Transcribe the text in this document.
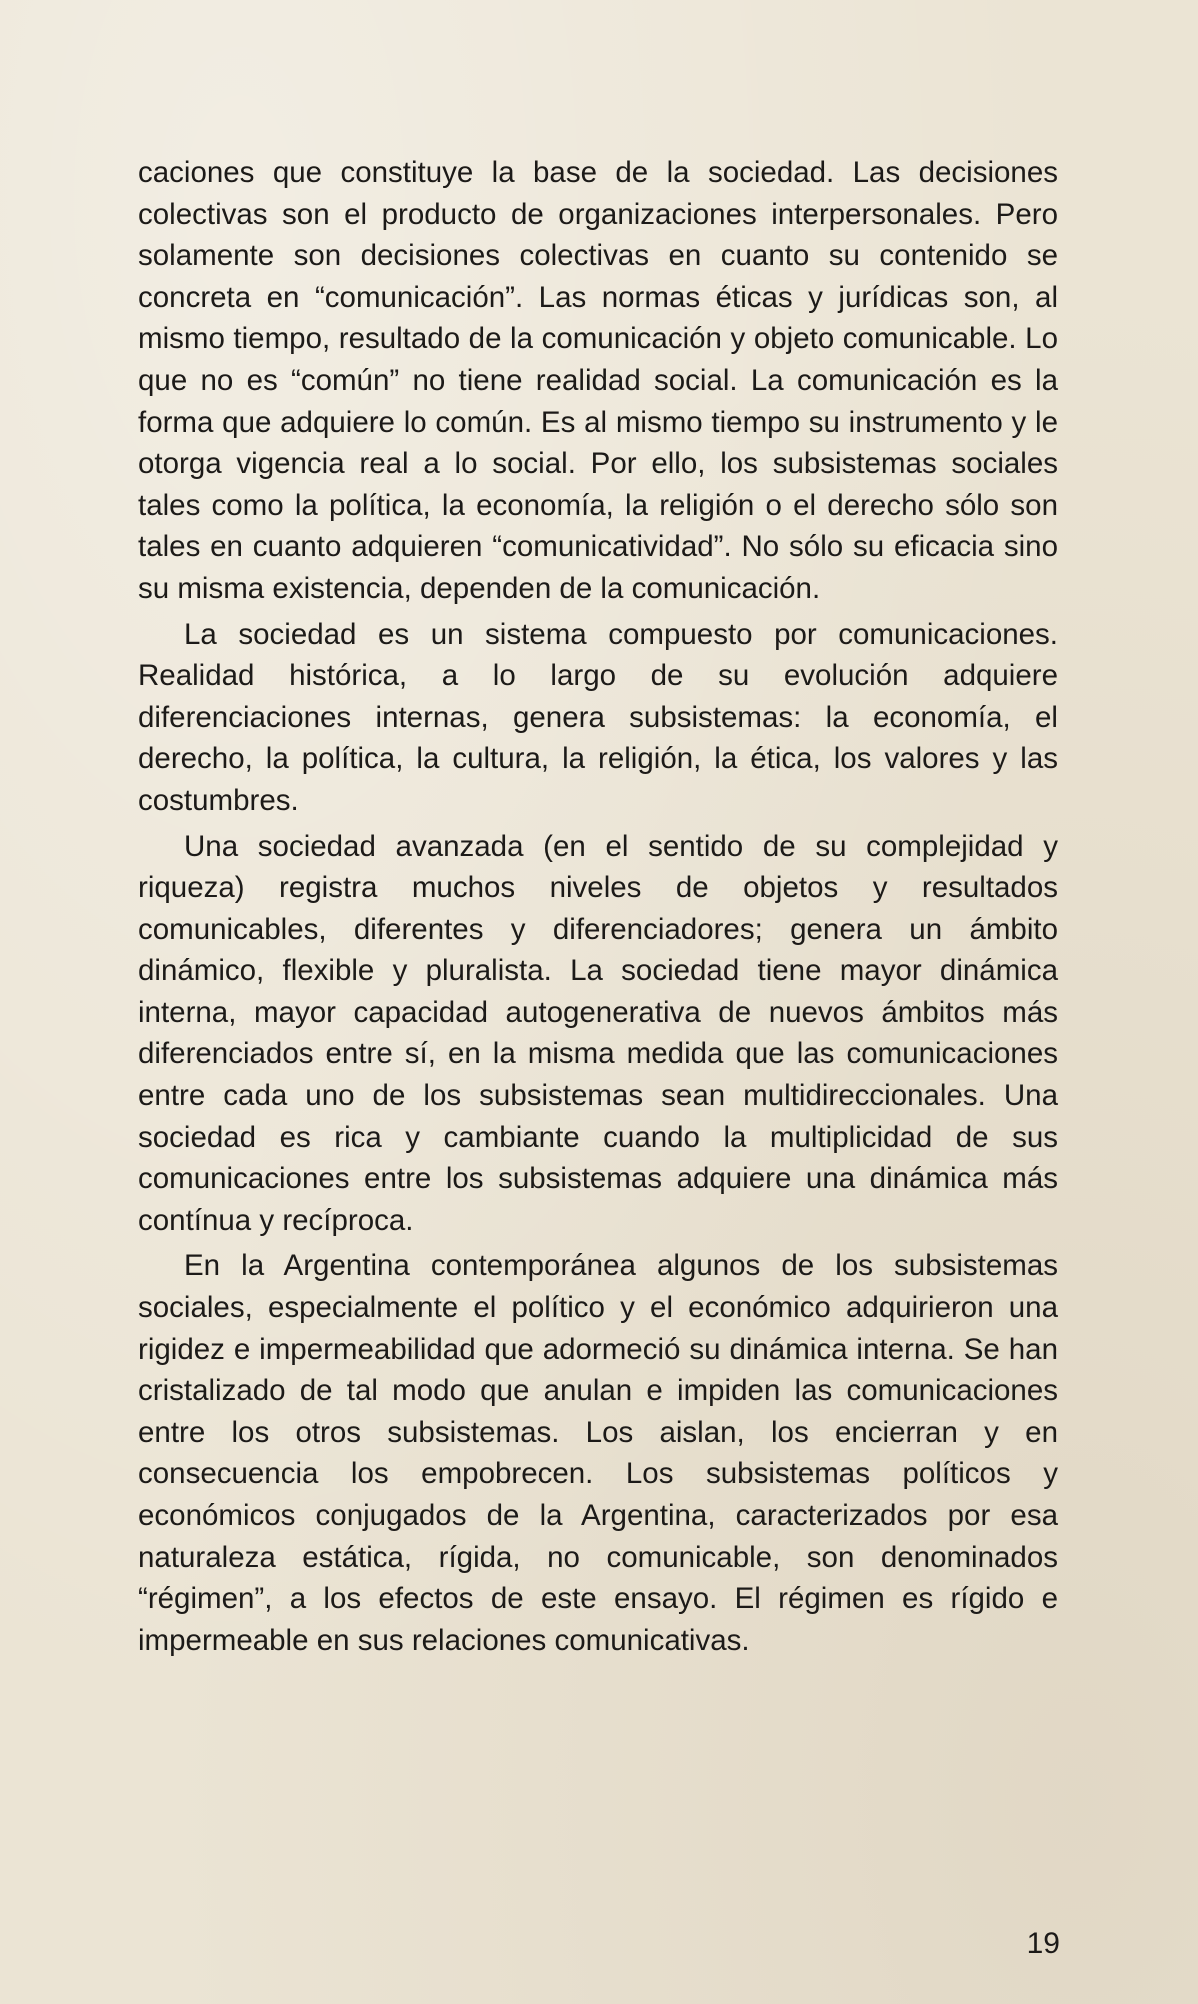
caciones que constituye la base de la sociedad. Las decisiones colectivas son el producto de organizaciones interpersonales. Pero solamente son decisiones colectivas en cuanto su contenido se concreta en “comunicación”. Las normas éticas y jurídicas son, al mismo tiempo, resultado de la comunicación y objeto comunicable. Lo que no es “común” no tiene realidad social. La comunicación es la forma que adquiere lo común. Es al mismo tiempo su instrumento y le otorga vigencia real a lo social. Por ello, los subsistemas sociales tales como la política, la economía, la religión o el derecho sólo son tales en cuanto adquieren “comunicatividad”. No sólo su eficacia sino su misma existencia, dependen de la comunicación.

La sociedad es un sistema compuesto por comunicaciones. Realidad histórica, a lo largo de su evolución adquiere diferenciaciones internas, genera subsistemas: la economía, el derecho, la política, la cultura, la religión, la ética, los valores y las costumbres.

Una sociedad avanzada (en el sentido de su complejidad y riqueza) registra muchos niveles de objetos y resultados comunicables, diferentes y diferenciadores; genera un ámbito dinámico, flexible y pluralista. La sociedad tiene mayor dinámica interna, mayor capacidad autogenerativa de nuevos ámbitos más diferenciados entre sí, en la misma medida que las comunicaciones entre cada uno de los subsistemas sean multidireccionales. Una sociedad es rica y cambiante cuando la multiplicidad de sus comunicaciones entre los subsistemas adquiere una dinámica más contínua y recíproca.

En la Argentina contemporánea algunos de los subsistemas sociales, especialmente el político y el económico adquirieron una rigidez e impermeabilidad que adormeció su dinámica interna. Se han cristalizado de tal modo que anulan e impiden las comunicaciones entre los otros subsistemas. Los aislan, los encierran y en consecuencia los empobrecen. Los subsistemas políticos y económicos conjugados de la Argentina, caracterizados por esa naturaleza estática, rígida, no comunicable, son denominados “régimen”, a los efectos de este ensayo. El régimen es rígido e impermeable en sus relaciones comunicativas.

19
